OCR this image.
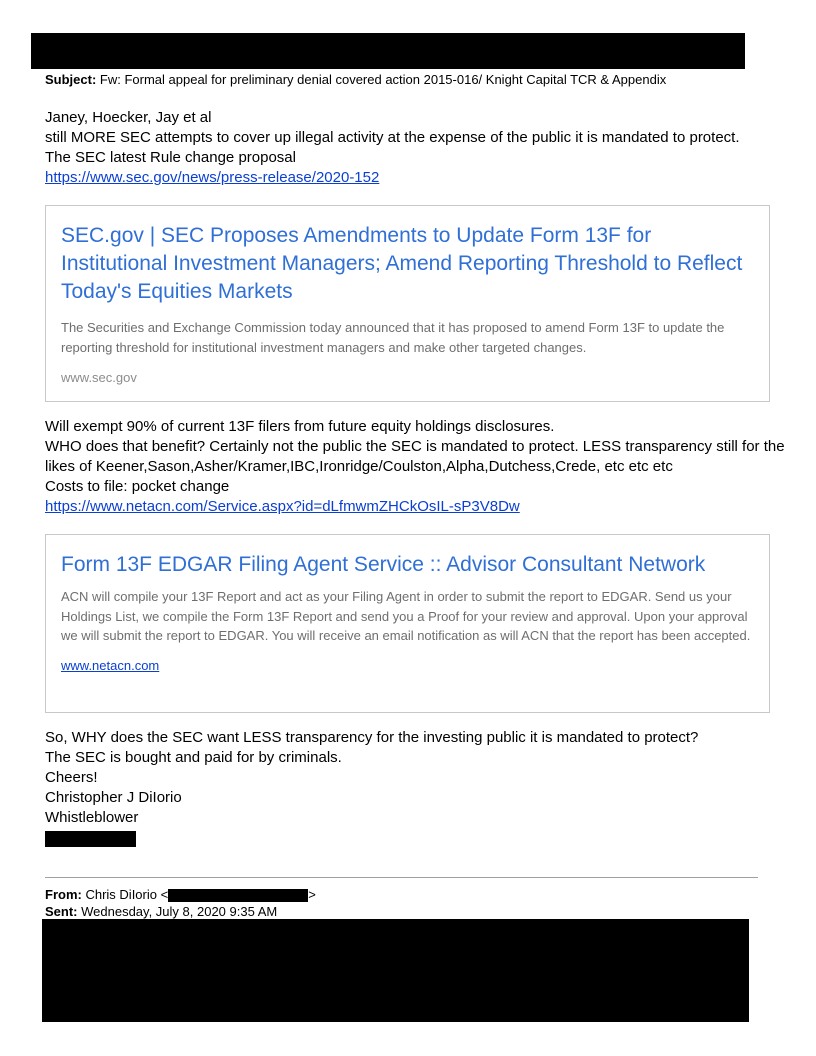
Subject: Fw: Formal appeal for preliminary denial covered action 2015-016/ Knight Capital TCR & Appendix
Janey, Hoecker, Jay et al
still MORE SEC attempts to cover up illegal activity at the expense of the public it is mandated to protect.
The SEC latest Rule change proposal
https://www.sec.gov/news/press-release/2020-152
SEC.gov | SEC Proposes Amendments to Update Form 13F for Institutional Investment Managers; Amend Reporting Threshold to Reflect Today's Equities Markets
The Securities and Exchange Commission today announced that it has proposed to amend Form 13F to update the reporting threshold for institutional investment managers and make other targeted changes.
www.sec.gov
Will exempt 90% of current 13F filers from future equity holdings disclosures.
WHO does that benefit? Certainly not the public the SEC is mandated to protect. LESS transparency still for the
likes of Keener,Sason,Asher/Kramer,IBC,Ironridge/Coulston,Alpha,Dutchess,Crede, etc etc etc
Costs to file: pocket change
https://www.netacn.com/Service.aspx?id=dLfmwmZHCkOsIL-sP3V8Dw
Form 13F EDGAR Filing Agent Service :: Advisor Consultant Network
ACN will compile your 13F Report and act as your Filing Agent in order to submit the report to EDGAR. Send us your Holdings List, we compile the Form 13F Report and send you a Proof for your review and approval. Upon your approval we will submit the report to EDGAR. You will receive an email notification as will ACN that the report has been accepted.
www.netacn.com
So, WHY does the SEC want LESS transparency for the investing public it is mandated to protect?
The SEC is bought and paid for by criminals.
Cheers!
Christopher J DiIorio
Whistleblower
From: Chris DiIorio <	>
Sent: Wednesday, July 8, 2020 9:35 AM
